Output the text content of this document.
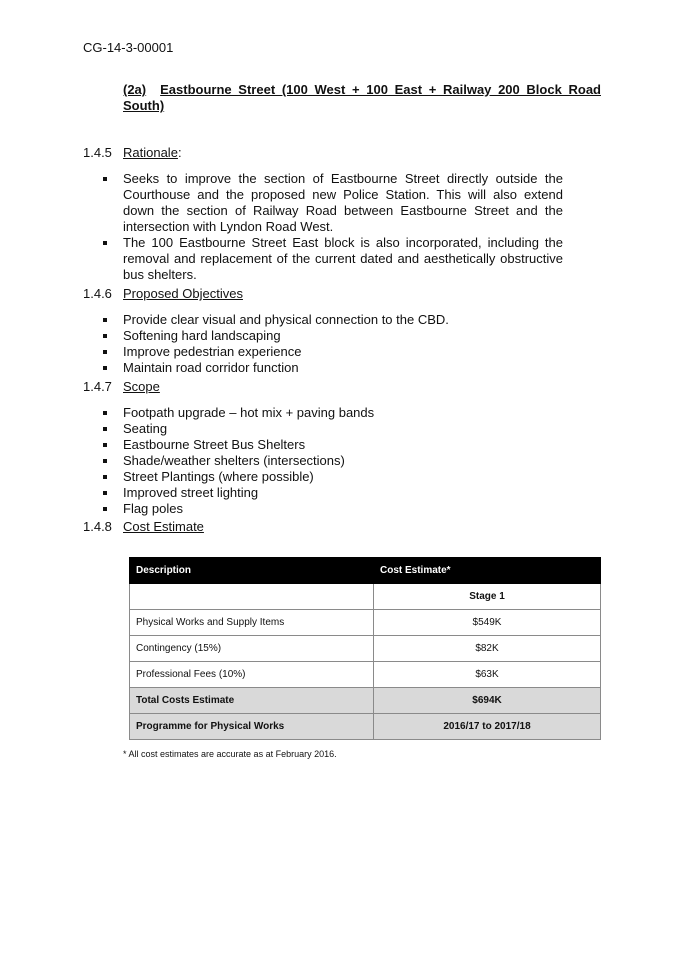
CG-14-3-00001
(2a) Eastbourne Street (100 West + 100 East + Railway 200 Block Road South)
1.4.5 Rationale:
Seeks to improve the section of Eastbourne Street directly outside the Courthouse and the proposed new Police Station. This will also extend down the section of Railway Road between Eastbourne Street and the intersection with Lyndon Road West.
The 100 Eastbourne Street East block is also incorporated, including the removal and replacement of the current dated and aesthetically obstructive bus shelters.
1.4.6 Proposed Objectives
Provide clear visual and physical connection to the CBD.
Softening hard landscaping
Improve pedestrian experience
Maintain road corridor function
1.4.7 Scope
Footpath upgrade – hot mix + paving bands
Seating
Eastbourne Street Bus Shelters
Shade/weather shelters (intersections)
Street Plantings (where possible)
Improved street lighting
Flag poles
1.4.8 Cost Estimate
Description	Cost Estimate*
	Stage 1
Physical Works and Supply Items	$549K
Contingency (15%)	$82K
Professional Fees (10%)	$63K
Total Costs Estimate	$694K
Programme for Physical Works	2016/17 to 2017/18
* All cost estimates are accurate as at February 2016.
